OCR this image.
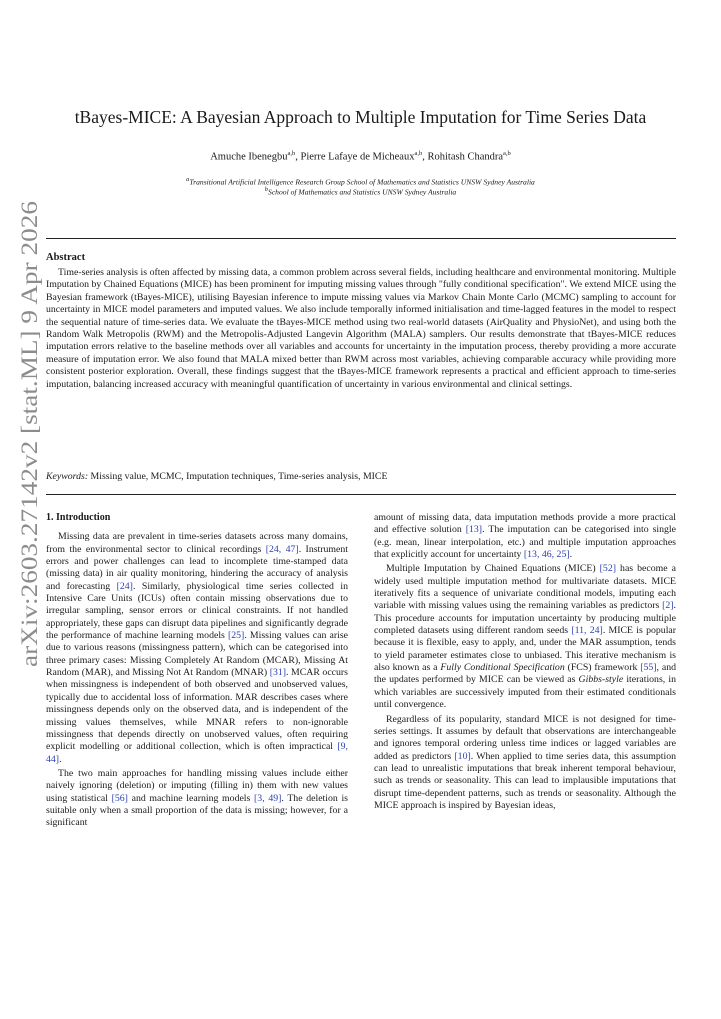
arXiv:2603.27142v2 [stat.ML] 9 Apr 2026
tBayes-MICE: A Bayesian Approach to Multiple Imputation for Time Series Data
Amuche Ibenegbu$^{a,b}$, Pierre Lafaye de Micheaux$^{a,b}$, Rohitash Chandra$^{a,b}$
$^a$Transitional Artificial Intelligence Research Group School of Mathematics and Statistics UNSW Sydney Australia
$^b$School of Mathematics and Statistics UNSW Sydney Australia
Abstract

Time-series analysis is often affected by missing data, a common problem across several fields, including healthcare and environmental monitoring. Multiple Imputation by Chained Equations (MICE) has been prominent for imputing missing values through "fully conditional specification". We extend MICE using the Bayesian framework (tBayes-MICE), utilising Bayesian inference to impute missing values via Markov Chain Monte Carlo (MCMC) sampling to account for uncertainty in MICE model parameters and imputed values. We also include temporally informed initialisation and time-lagged features in the model to respect the sequential nature of time-series data. We evaluate the tBayes-MICE method using two real-world datasets (AirQuality and PhysioNet), and using both the Random Walk Metropolis (RWM) and the Metropolis-Adjusted Langevin Algorithm (MALA) samplers. Our results demonstrate that tBayes-MICE reduces imputation errors relative to the baseline methods over all variables and accounts for uncertainty in the imputation process, thereby providing a more accurate measure of imputation error. We also found that MALA mixed better than RWM across most variables, achieving comparable accuracy while providing more consistent posterior exploration. Overall, these findings suggest that the tBayes-MICE framework represents a practical and efficient approach to time-series imputation, balancing increased accuracy with meaningful quantification of uncertainty in various environmental and clinical settings.

Keywords: Missing value, MCMC, Imputation techniques, Time-series analysis, MICE
1. Introduction

Missing data are prevalent in time-series datasets across many domains, from the environmental sector to clinical recordings [24, 47]. Instrument errors and power challenges can lead to incomplete time-stamped data (missing data) in air quality monitoring, hindering the accuracy of analysis and forecasting [24]. Similarly, physiological time series collected in Intensive Care Units (ICUs) often contain missing observations due to irregular sampling, sensor errors or clinical constraints. If not handled appropriately, these gaps can disrupt data pipelines and significantly degrade the performance of machine learning models [25]. Missing values can arise due to various reasons (missingness pattern), which can be categorised into three primary cases: Missing Completely At Random (MCAR), Missing At Random (MAR), and Missing Not At Random (MNAR) [31]. MCAR occurs when missingness is independent of both observed and unobserved values, typically due to accidental loss of information. MAR describes cases where missingness depends only on the observed data, and is independent of the missing values themselves, while MNAR refers to non-ignorable missingness that depends directly on unobserved values, often requiring explicit modelling or additional collection, which is often impractical [9, 44].

The two main approaches for handling missing values include either naively ignoring (deletion) or imputing (filling in) them with new values using statistical [56] and machine learning models [3, 49]. The deletion is suitable only when a small proportion of the data is missing; however, for a significant

amount of missing data, data imputation methods provide a more practical and effective solution [13]. The imputation can be categorised into single (e.g. mean, linear interpolation, etc.) and multiple imputation approaches that explicitly account for uncertainty [13, 46, 25].

Multiple Imputation by Chained Equations (MICE) [52] has become a widely used multiple imputation method for multivariate datasets. MICE iteratively fits a sequence of univariate conditional models, imputing each variable with missing values using the remaining variables as predictors [2]. This procedure accounts for imputation uncertainty by producing multiple completed datasets using different random seeds [11, 24]. MICE is popular because it is flexible, easy to apply, and, under the MAR assumption, tends to yield parameter estimates close to unbiased. This iterative mechanism is also known as a Fully Conditional Specification (FCS) framework [55], and the updates performed by MICE can be viewed as Gibbs-style iterations, in which variables are successively imputed from their estimated conditionals until convergence.

Regardless of its popularity, standard MICE is not designed for time-series settings. It assumes by default that observations are interchangeable and ignores temporal ordering unless time indices or lagged variables are added as predictors [10]. When applied to time series data, this assumption can lead to unrealistic imputations that break inherent temporal behaviour, such as trends or seasonality. This can lead to implausible imputations that disrupt time-dependent patterns, such as trends or seasonality. Although the MICE approach is inspired by Bayesian ideas,
